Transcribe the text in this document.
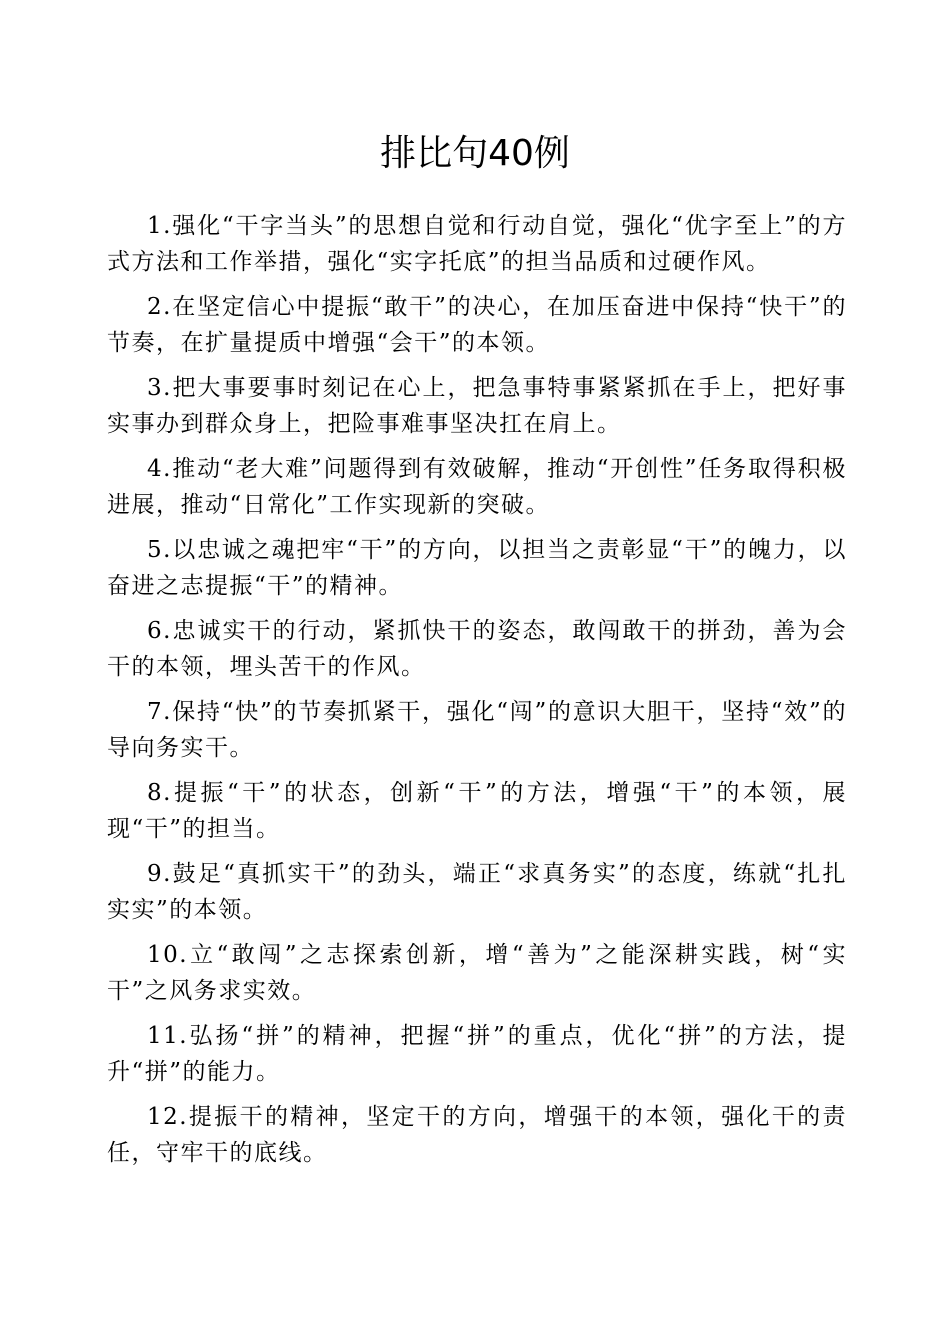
排比句40例

1.强化“干字当头”的思想自觉和行动自觉，强化“优字至上”的方式方法和工作举措，强化“实字托底”的担当品质和过硬作风。

2.在坚定信心中提振“敢干”的决心，在加压奋进中保持“快干”的节奏，在扩量提质中增强“会干”的本领。

3.把大事要事时刻记在心上，把急事特事紧紧抓在手上，把好事实事办到群众身上，把险事难事坚决扛在肩上。

4.推动“老大难”问题得到有效破解，推动“开创性”任务取得积极进展，推动“日常化”工作实现新的突破。

5.以忠诚之魂把牢“干”的方向，以担当之责彰显“干”的魄力，以奋进之志提振“干”的精神。

6.忠诚实干的行动，紧抓快干的姿态，敢闯敢干的拼劲，善为会干的本领，埋头苦干的作风。

7.保持“快”的节奏抓紧干，强化“闯”的意识大胆干，坚持“效”的导向务实干。

8.提振“干”的状态，创新“干”的方法，增强“干”的本领，展现“干”的担当。

9.鼓足“真抓实干”的劲头，端正“求真务实”的态度，练就“扎扎实实”的本领。

10.立“敢闯”之志探索创新，增“善为”之能深耕实践，树“实干”之风务求实效。

11.弘扬“拼”的精神，把握“拼”的重点，优化“拼”的方法，提升“拼”的能力。

12.提振干的精神，坚定干的方向，增强干的本领，强化干的责任，守牢干的底线。
